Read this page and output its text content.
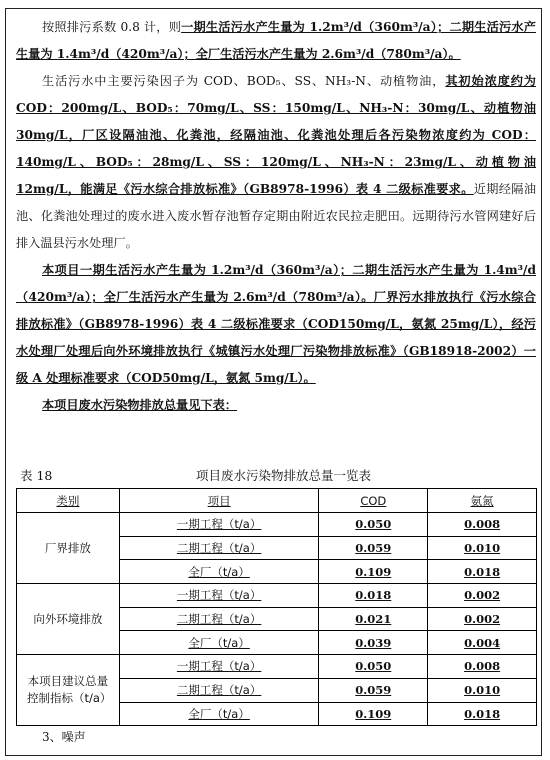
按照排污系数 0.8 计，则一期生活污水产生量为 1.2m³/d（360m³/a）；二期生活污水产生量为 1.4m³/d（420m³/a）；全厂生活污水产生量为 2.6m³/d（780m³/a）。

生活污水中主要污染因子为 COD、BOD₅、SS、NH₃-N、动植物油，其初始浓度约为 COD：200mg/L、BOD₅：70mg/L、SS：150mg/L、NH₃-N：30mg/L、动植物油 30mg/L，厂区设隔油池、化粪池，经隔油池、化粪池处理后各污染物浓度约为 COD：140mg/L、BOD₅：28mg/L、SS：120mg/L、NH₃-N：23mg/L、动植物油 12mg/L，能满足《污水综合排放标准》（GB8978-1996）表 4 二级标准要求。近期经隔油池、化粪池处理过的废水进入废水暂存池暂存定期由附近农民拉走肥田。远期待污水管网建好后排入温县污水处理厂。

本项目一期生活污水产生量为 1.2m³/d（360m³/a）；二期生活污水产生量为 1.4m³/d（420m³/a）；全厂生活污水产生量为 2.6m³/d（780m³/a）。厂界污水排放执行《污水综合排放标准》（GB8978-1996）表 4 二级标准要求（COD150mg/L，氨氮 25mg/L），经污水处理厂处理后向外环境排放执行《城镇污水处理厂污染物排放标准》（GB18918-2002）一级 A 处理标准要求（COD50mg/L，氨氮 5mg/L）。

本项目废水污染物排放总量见下表：

表 18	项目废水污染物排放总量一览表
类别	项目	COD	氨氮
厂界排放	一期工程（t/a）	0.050	0.008
	二期工程（t/a）	0.059	0.010
	全厂（t/a）	0.109	0.018
向外环境排放	一期工程（t/a）	0.018	0.002
	二期工程（t/a）	0.021	0.002
	全厂（t/a）	0.039	0.004
本项目建议总量控制指标（t/a）	一期工程（t/a）	0.050	0.008
	二期工程（t/a）	0.059	0.010
	全厂（t/a）	0.109	0.018
3、噪声
